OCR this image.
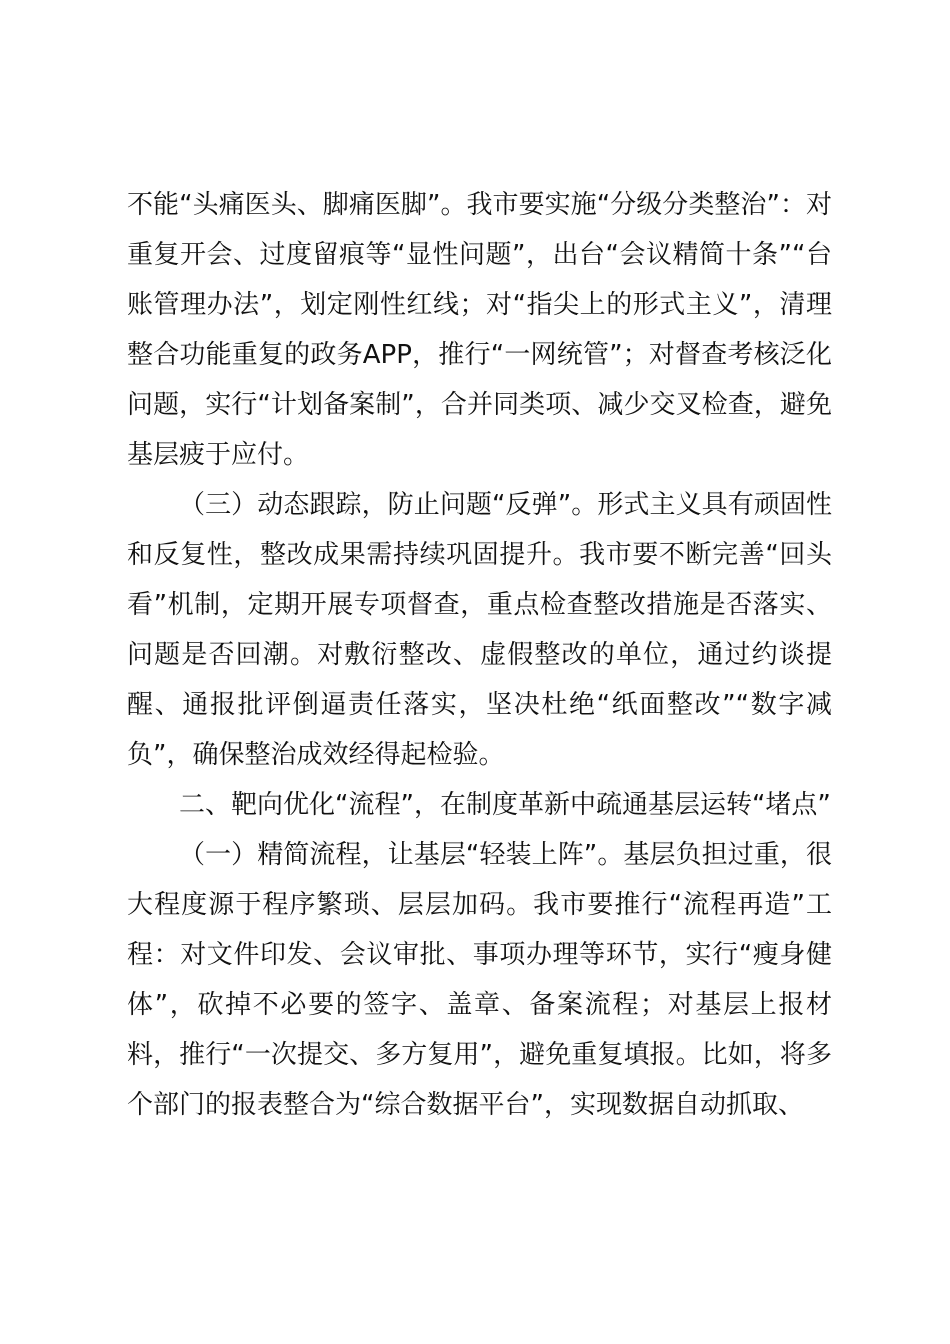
不能“头痛医头、脚痛医脚”。我市要实施“分级分类整治”：对重复开会、过度留痕等“显性问题”，出台“会议精简十条”“台账管理办法”，划定刚性红线；对“指尖上的形式主义”，清理整合功能重复的政务APP，推行“一网统管”；对督查考核泛化问题，实行“计划备案制”，合并同类项、减少交叉检查，避免基层疲于应付。

（三）动态跟踪，防止问题“反弹”。形式主义具有顽固性和反复性，整改成果需持续巩固提升。我市要不断完善“回头看”机制，定期开展专项督查，重点检查整改措施是否落实、问题是否回潮。对敷衍整改、虚假整改的单位，通过约谈提醒、通报批评倒逼责任落实，坚决杜绝“纸面整改”“数字减负”，确保整治成效经得起检验。

二、靶向优化“流程”，在制度革新中疏通基层运转“堵点”

（一）精简流程，让基层“轻装上阵”。基层负担过重，很大程度源于程序繁琐、层层加码。我市要推行“流程再造”工程：对文件印发、会议审批、事项办理等环节，实行“瘦身健体”，砍掉不必要的签字、盖章、备案流程；对基层上报材料，推行“一次提交、多方复用”，避免重复填报。比如，将多个部门的报表整合为“综合数据平台”，实现数据自动抓取、
